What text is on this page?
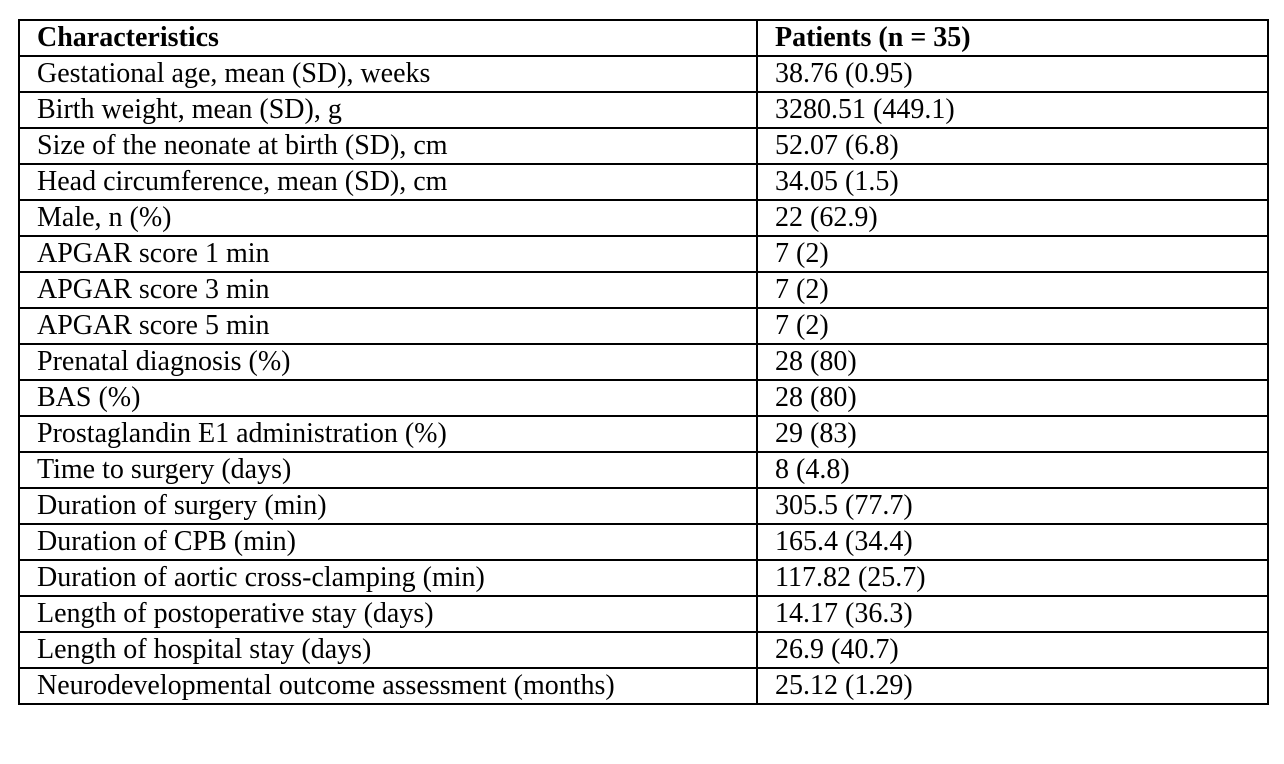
Characteristics	Patients (n = 35)
Gestational age, mean (SD), weeks	38.76 (0.95)
Birth weight, mean (SD), g	3280.51 (449.1)
Size of the neonate at birth (SD), cm	52.07 (6.8)
Head circumference, mean (SD), cm	34.05 (1.5)
Male, n (%)	22 (62.9)
APGAR score 1 min	7 (2)
APGAR score 3 min	7 (2)
APGAR score 5 min	7 (2)
Prenatal diagnosis (%)	28 (80)
BAS (%)	28 (80)
Prostaglandin E1 administration (%)	29 (83)
Time to surgery (days)	8 (4.8)
Duration of surgery (min)	305.5 (77.7)
Duration of CPB (min)	165.4 (34.4)
Duration of aortic cross-clamping (min)	117.82 (25.7)
Length of postoperative stay (days)	14.17 (36.3)
Length of hospital stay (days)	26.9 (40.7)
Neurodevelopmental outcome assessment (months)	25.12 (1.29)
